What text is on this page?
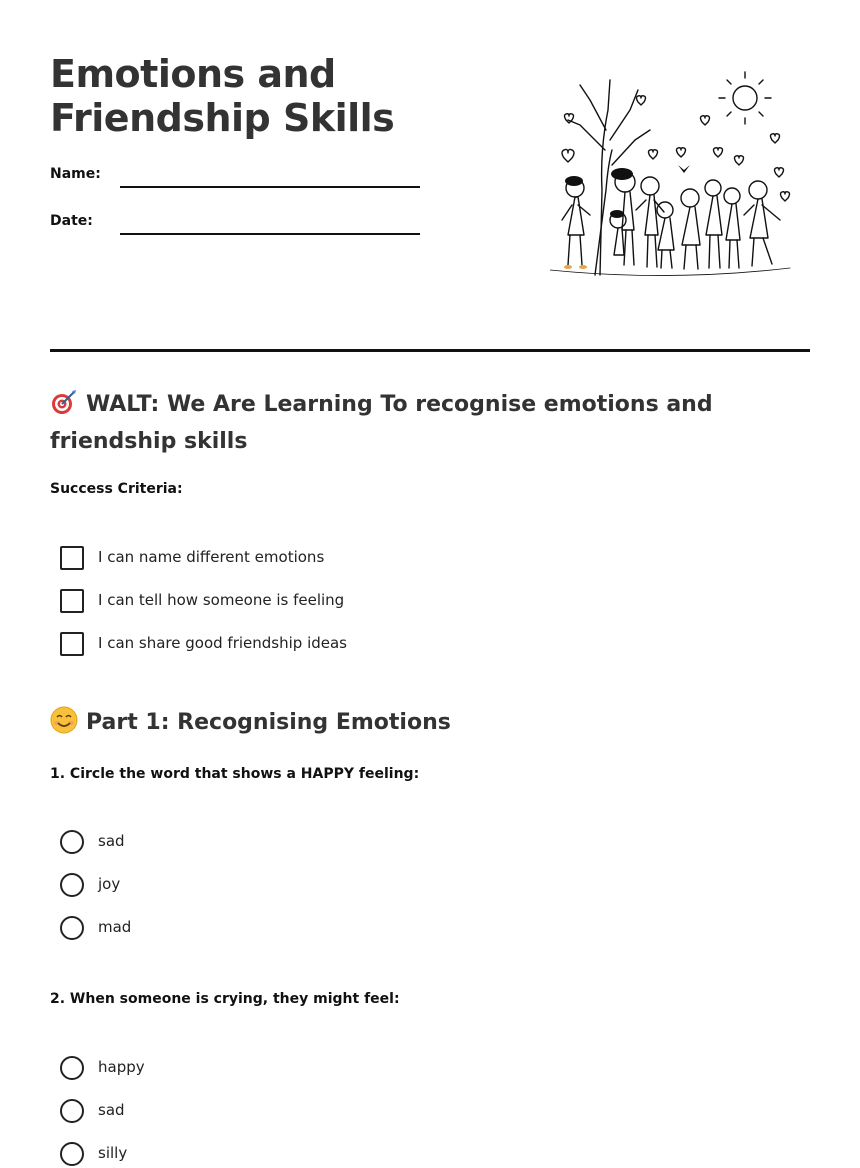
Emotions and Friendship Skills
Name:
Date:
WALT: We Are Learning To recognise emotions and friendship skills
Success Criteria:
I can name different emotions
I can tell how someone is feeling
I can share good friendship ideas
Part 1: Recognising Emotions
1. Circle the word that shows a HAPPY feeling:
sad
joy
mad
2. When someone is crying, they might feel:
happy
sad
silly
